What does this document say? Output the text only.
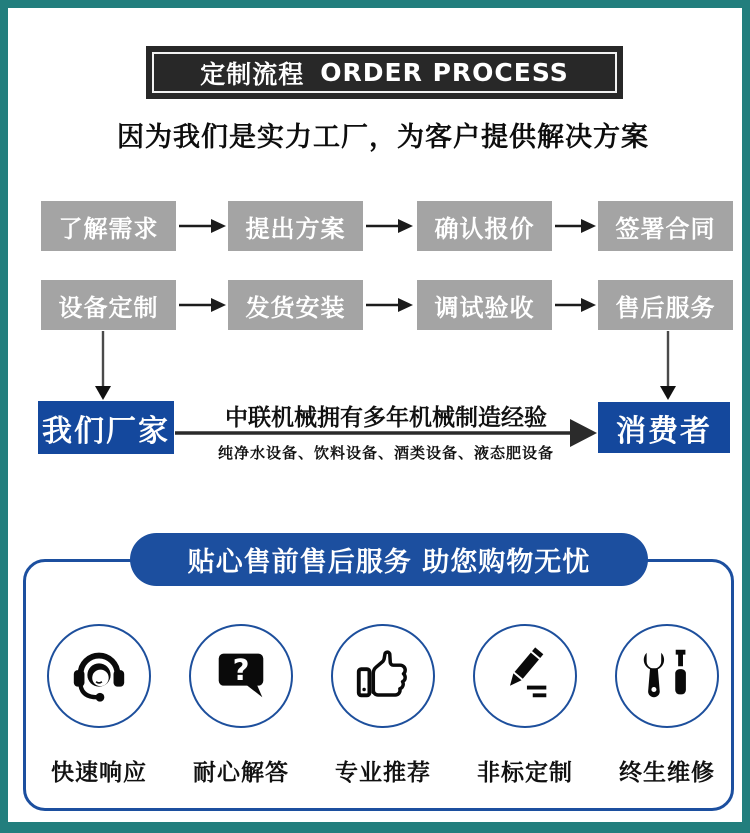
定制流程 ORDER PROCESS
因为我们是实力工厂，为客户提供解决方案
了解需求	提出方案	确认报价	签署合同
设备定制	发货安装	调试验收	售后服务
我们厂家	消费者
中联机械拥有多年机械制造经验
纯净水设备、饮料设备、酒类设备、液态肥设备
贴心售前售后服务 助您购物无忧
快速响应
?
耐心解答 专业推荐 非标定制 终生维修
